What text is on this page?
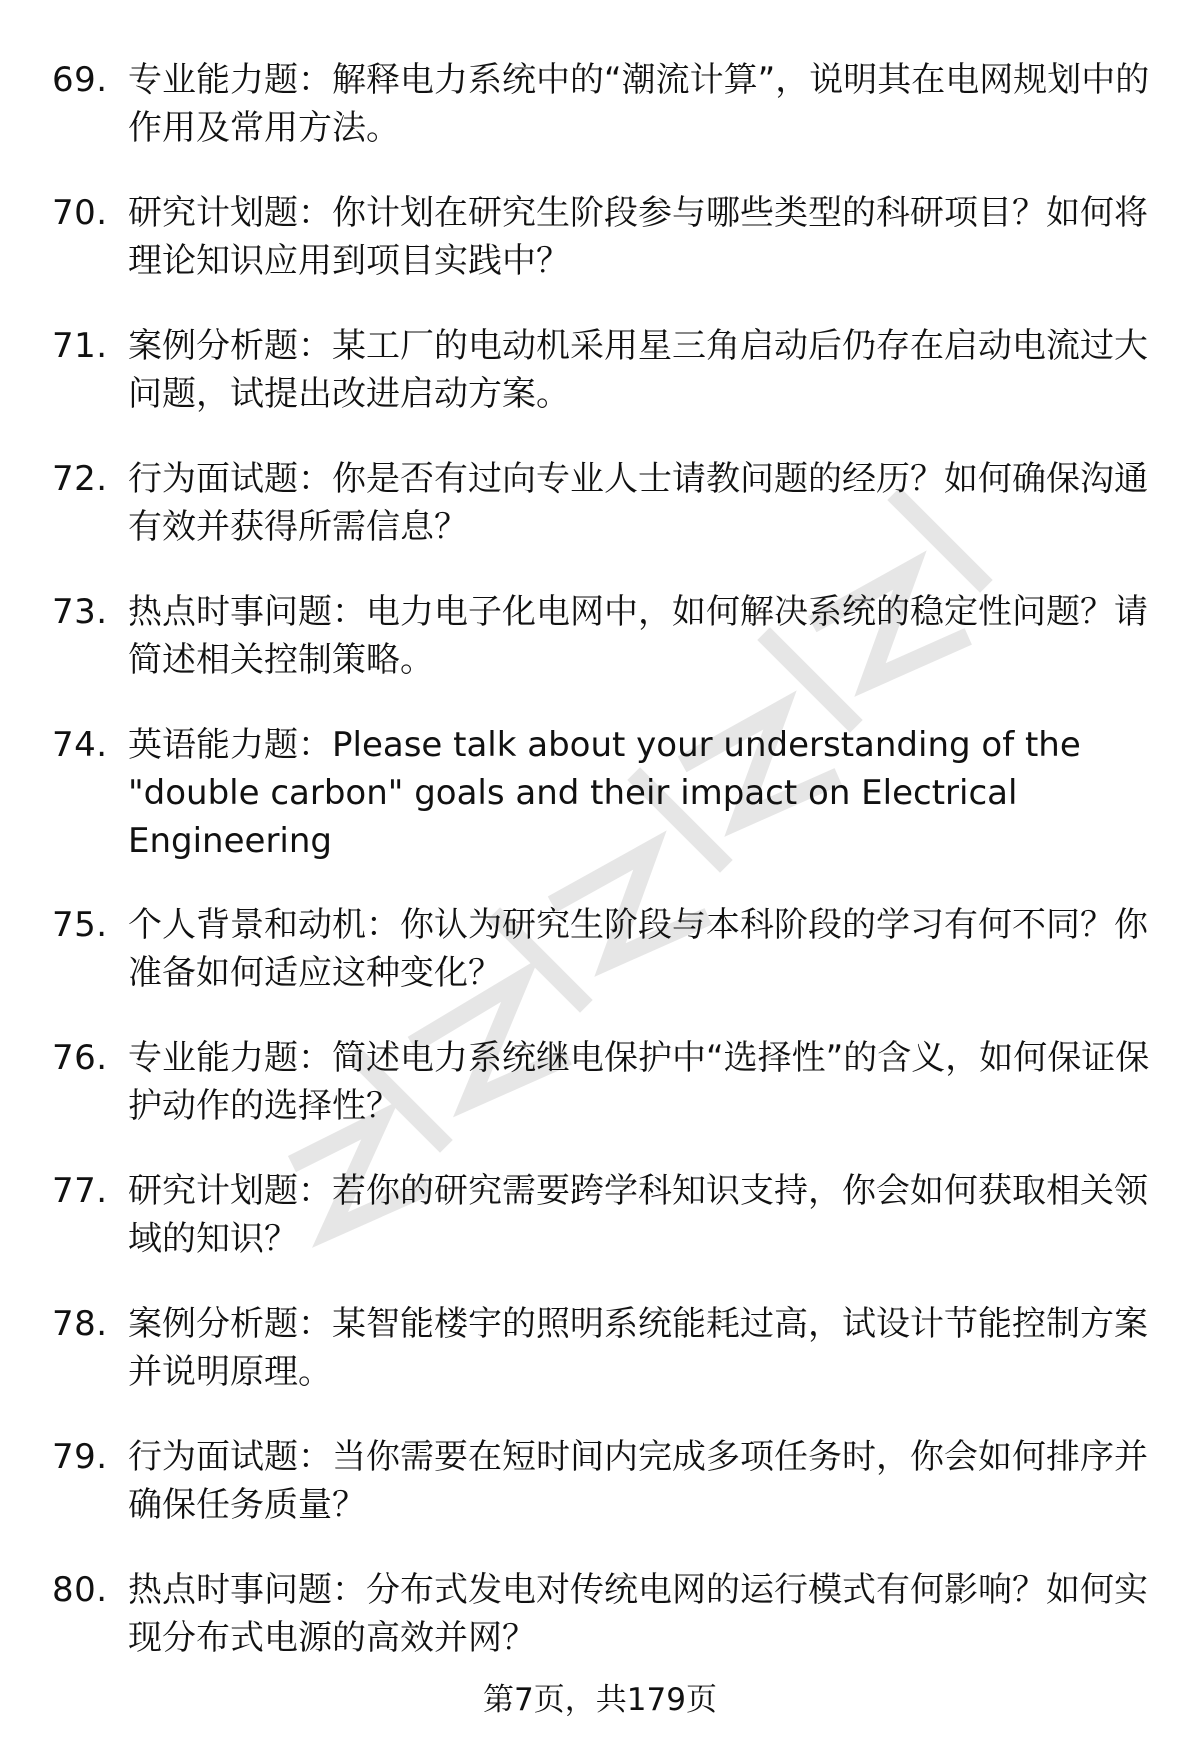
69. 专业能力题：解释电力系统中的“潮流计算”，说明其在电网规划中的作用及常用方法。
70. 研究计划题：你计划在研究生阶段参与哪些类型的科研项目？如何将理论知识应用到项目实践中？
71. 案例分析题：某工厂的电动机采用星三角启动后仍存在启动电流过大问题，试提出改进启动方案。
72. 行为面试题：你是否有过向专业人士请教问题的经历？如何确保沟通有效并获得所需信息？
73. 热点时事问题：电力电子化电网中，如何解决系统的稳定性问题？请简述相关控制策略。
74. 英语能力题：Please talk about your understanding of the "double carbon" goals and their impact on Electrical Engineering
75. 个人背景和动机：你认为研究生阶段与本科阶段的学习有何不同？你准备如何适应这种变化？
76. 专业能力题：简述电力系统继电保护中“选择性”的含义，如何保证保护动作的选择性？
77. 研究计划题：若你的研究需要跨学科知识支持，你会如何获取相关领域的知识？
78. 案例分析题：某智能楼宇的照明系统能耗过高，试设计节能控制方案并说明原理。
79. 行为面试题：当你需要在短时间内完成多项任务时，你会如何排序并确保任务质量？
80. 热点时事问题：分布式发电对传统电网的运行模式有何影响？如何实现分布式电源的高效并网？
第7页，共179页
